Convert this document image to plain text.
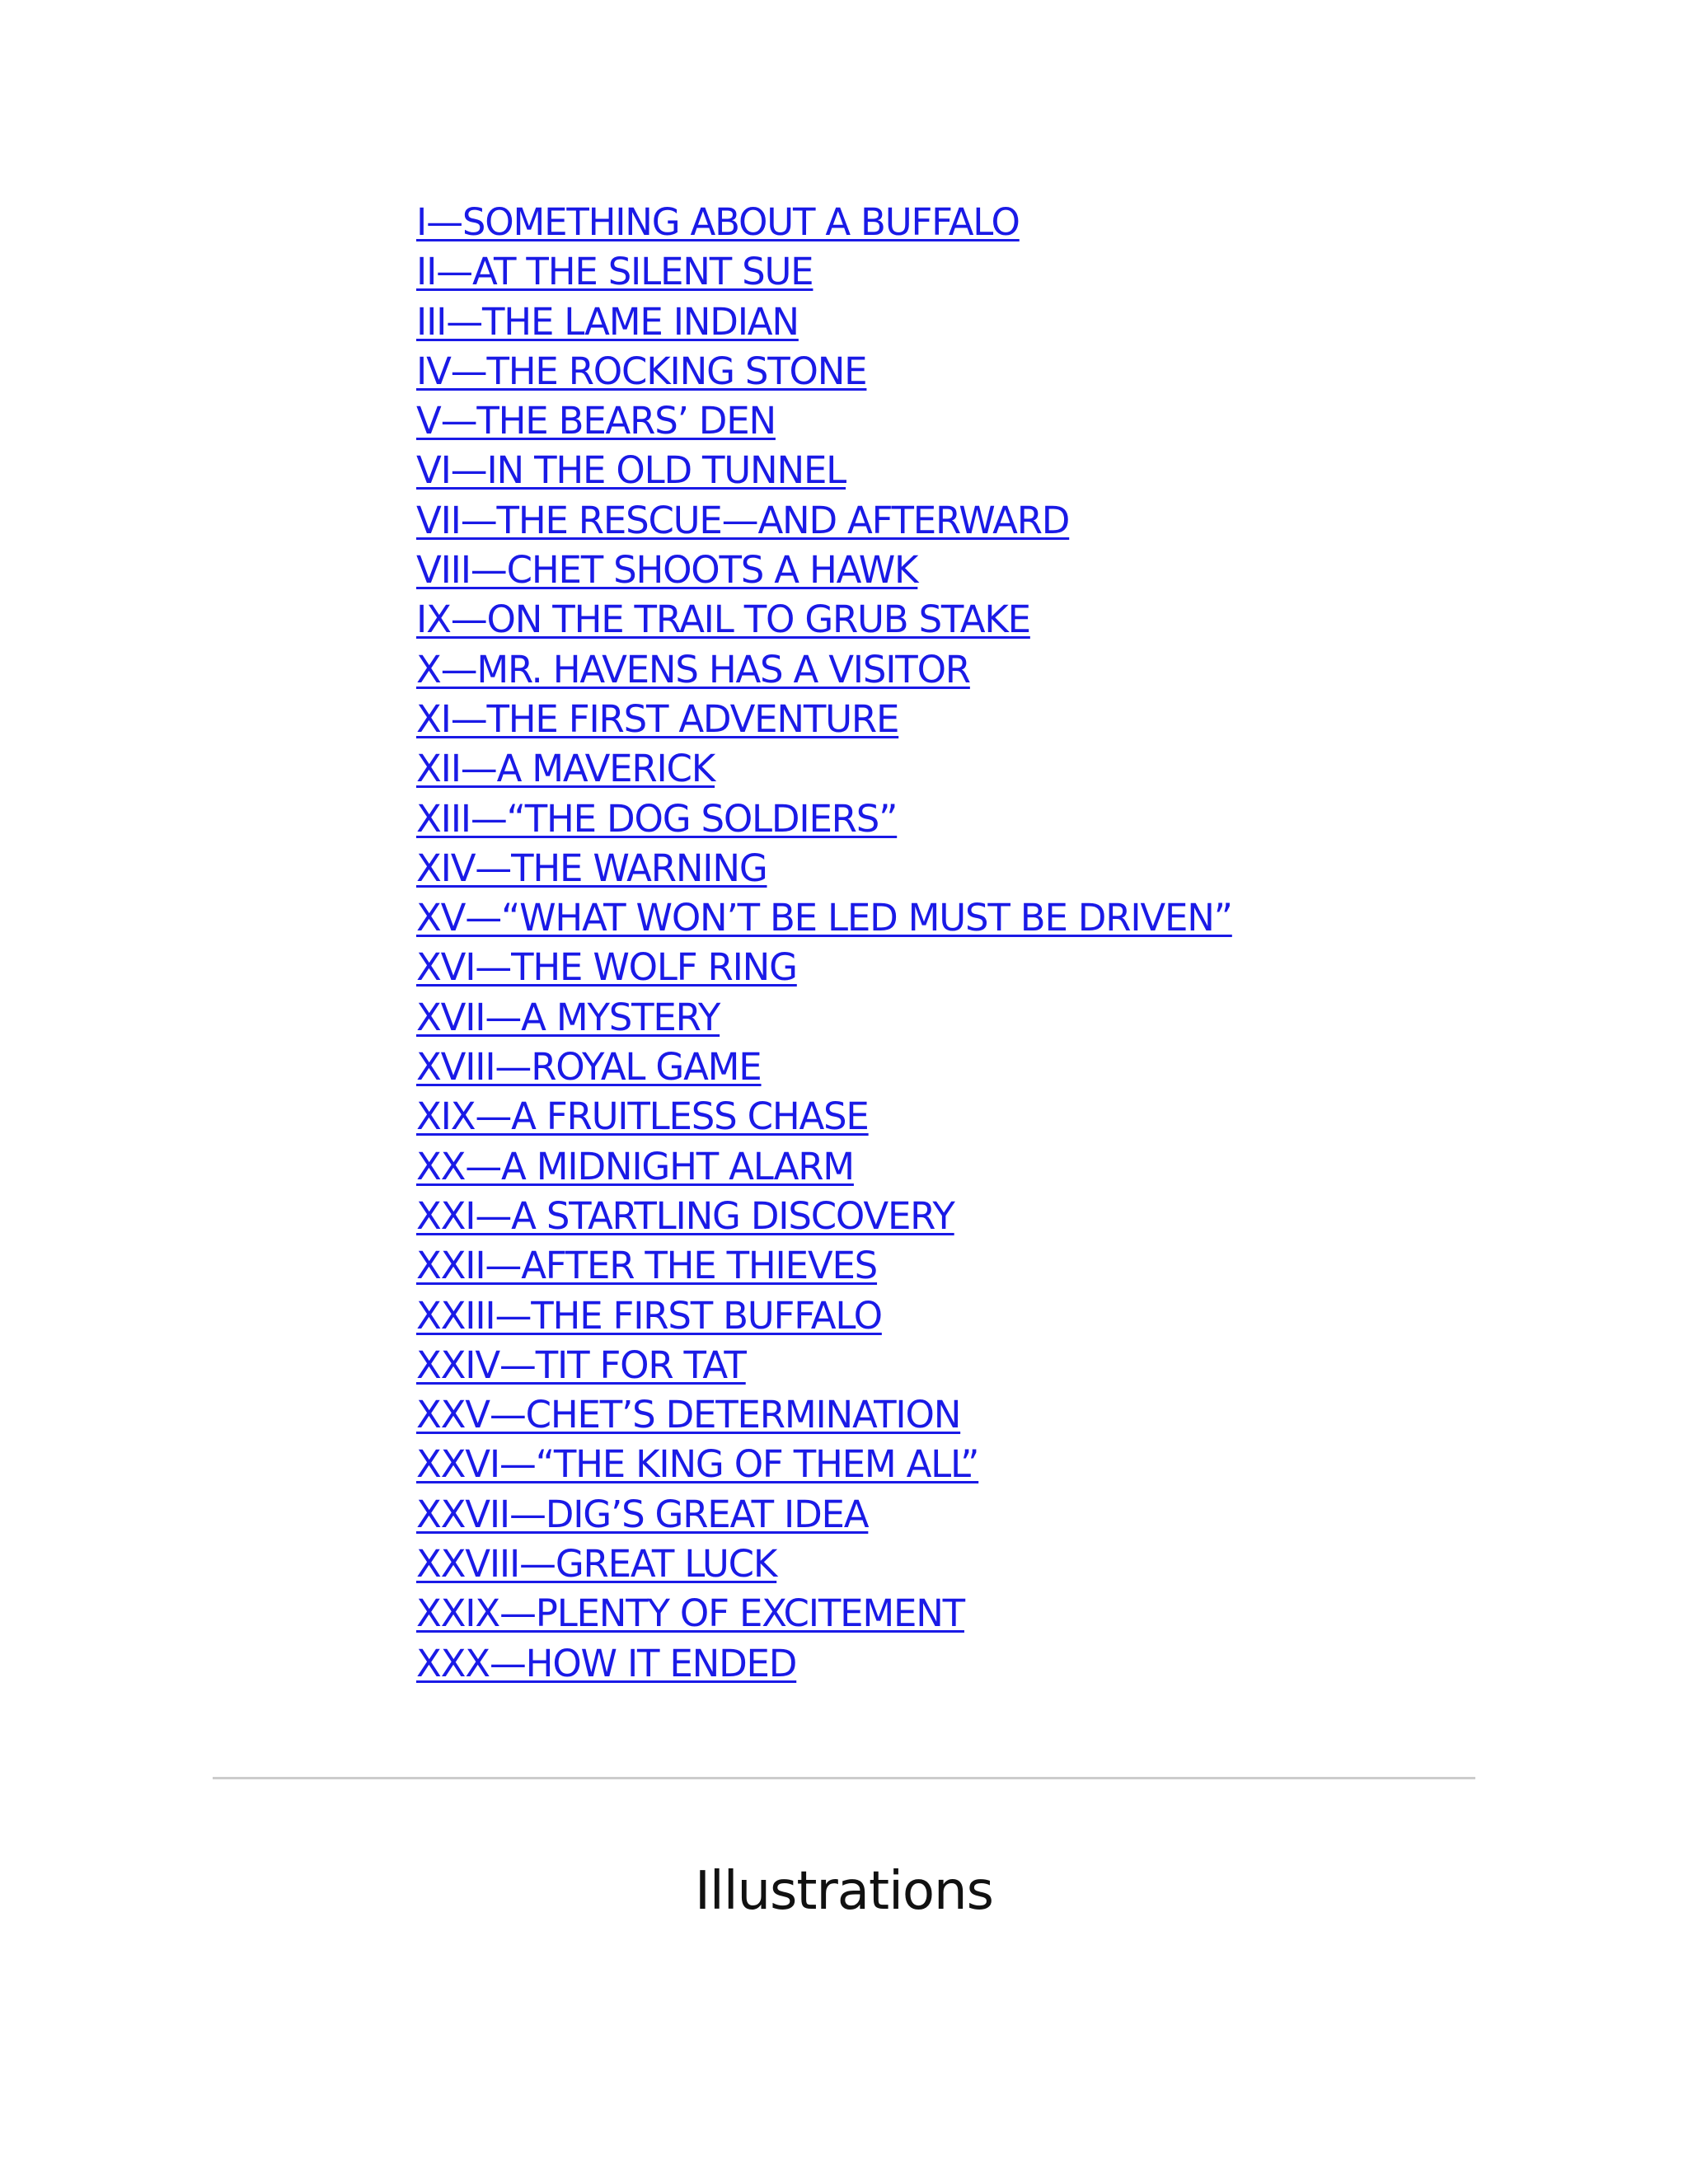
I—SOMETHING ABOUT A BUFFALO
II—AT THE SILENT SUE
III—THE LAME INDIAN
IV—THE ROCKING STONE
V—THE BEARS’ DEN
VI—IN THE OLD TUNNEL
VII—THE RESCUE—AND AFTERWARD
VIII—CHET SHOOTS A HAWK
IX—ON THE TRAIL TO GRUB STAKE
X—MR. HAVENS HAS A VISITOR
XI—THE FIRST ADVENTURE
XII—A MAVERICK
XIII—“THE DOG SOLDIERS”
XIV—THE WARNING
XV—“WHAT WON’T BE LED MUST BE DRIVEN”
XVI—THE WOLF RING
XVII—A MYSTERY
XVIII—ROYAL GAME
XIX—A FRUITLESS CHASE
XX—A MIDNIGHT ALARM
XXI—A STARTLING DISCOVERY
XXII—AFTER THE THIEVES
XXIII—THE FIRST BUFFALO
XXIV—TIT FOR TAT
XXV—CHET’S DETERMINATION
XXVI—“THE KING OF THEM ALL”
XXVII—DIG’S GREAT IDEA
XXVIII—GREAT LUCK
XXIX—PLENTY OF EXCITEMENT
XXX—HOW IT ENDED
Illustrations
